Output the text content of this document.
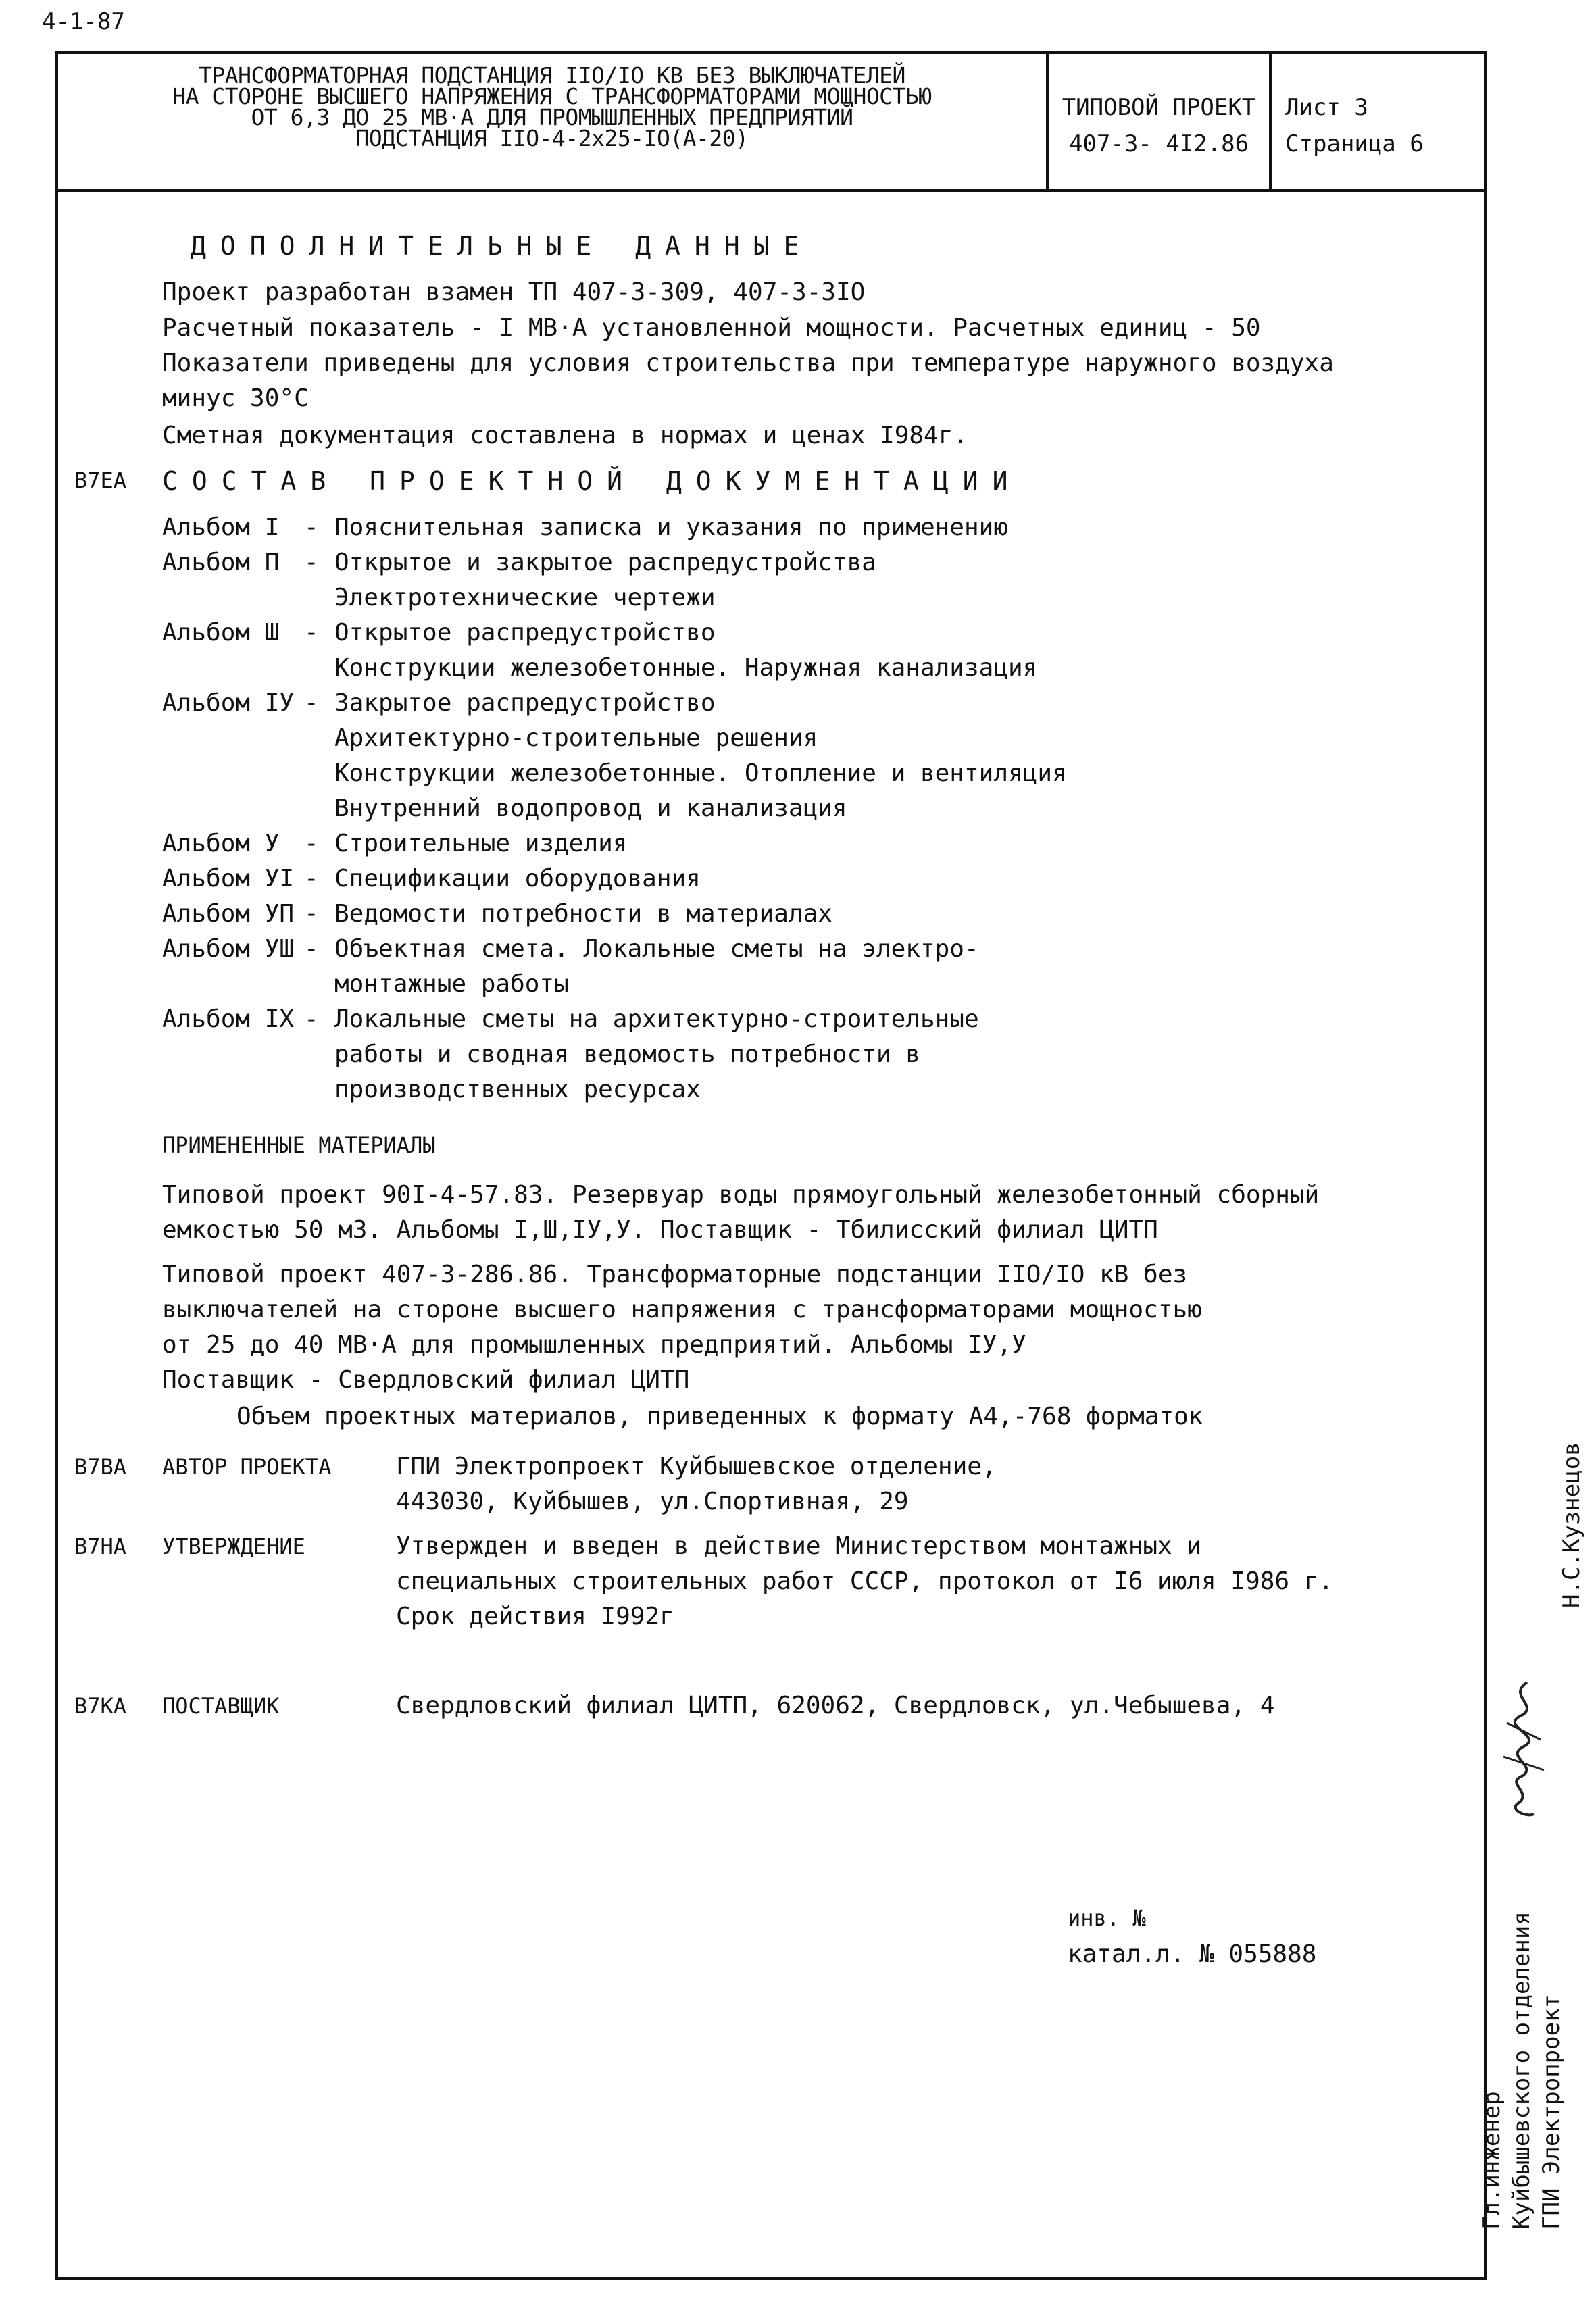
4-1-87
ТРАНСФОРМАТОРНАЯ ПОДСТАНЦИЯ IIO/IO КВ БЕЗ ВЫКЛЮЧАТЕЛЕЙ
НА СТОРОНЕ ВЫСШЕГО НАПРЯЖЕНИЯ С ТРАНСФОРМАТОРАМИ МОЩНОСТЬЮ
ОТ 6,3 ДО 25 МВ·А ДЛЯ ПРОМЫШЛЕННЫХ ПРЕДПРИЯТИЙ
ПОДСТАНЦИЯ IIO-4-2х25-IO(А-20)
ТИПОВОЙ ПРОЕКТ
407-3- 4I2.86
Лист 3
Страница 6
ДОПОЛНИТЕЛЬНЫЕ ДАННЫЕ
Проект разработан взамен ТП 407-3-309, 407-3-3IO
Расчетный показатель - I МВ·А установленной мощности. Расчетных единиц - 50
Показатели приведены для условия строительства при температуре наружного воздуха
минус 30°C
Сметная документация составлена в нормах и ценах I984г.
В7ЕА СОСТАВ ПРОЕКТНОЙ ДОКУМЕНТАЦИИ
Альбом I - Пояснительная записка и указания по применению
Альбом П - Открытое и закрытое распредустройства
Электротехнические чертежи
Альбом Ш - Открытое распредустройство
Конструкции железобетонные. Наружная канализация
Альбом IУ - Закрытое распредустройство
Архитектурно-строительные решения
Конструкции железобетонные. Отопление и вентиляция
Внутренний водопровод и канализация
Альбом У - Строительные изделия
Альбом УI - Спецификации оборудования
Альбом УП - Ведомости потребности в материалах
Альбом УШ - Объектная смета. Локальные сметы на электро-
монтажные работы
Альбом IХ - Локальные сметы на архитектурно-строительные
работы и сводная ведомость потребности в
производственных ресурсах
ПРИМЕНЕННЫЕ МАТЕРИАЛЫ
Типовой проект 90I-4-57.83. Резервуар воды прямоугольный железобетонный сборный
емкостью 50 м3. Альбомы I,Ш,IУ,У. Поставщик - Тбилисский филиал ЦИТП
Типовой проект 407-3-286.86. Трансформаторные подстанции IIO/IO кВ без
выключателей на стороне высшего напряжения с трансформаторами мощностью
от 25 до 40 МВ·А для промышленных предприятий. Альбомы IУ,У
Поставщик - Свердловский филиал ЦИТП
Объем проектных материалов, приведенных к формату А4,-768 форматок
В7ВА АВТОР ПРОЕКТА	ГПИ Электропроект Куйбышевское отделение,
443030, Куйбышев, ул.Спортивная, 29
В7НА УТВЕРЖДЕНИЕ	Утвержден и введен в действие Министерством монтажных и
специальных строительных работ СССР, протокол от I6 июля I986 г.
Срок действия I992г
В7КА ПОСТАВЩИК	Свердловский филиал ЦИТП, 620062, Свердловск, ул.Чебышева, 4
инв. №
катал.л. № 055888
Н.С.Кузнецов
Гл.инженер Куйбышевского отделения ГПИ Электропроект
